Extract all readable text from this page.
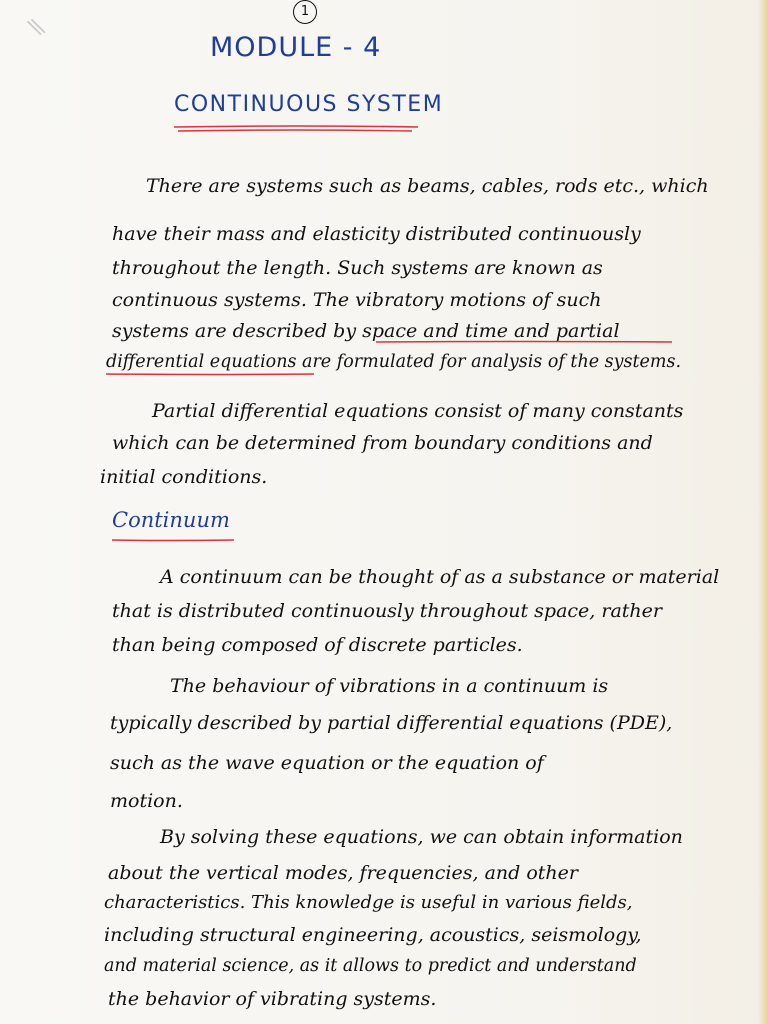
\\
1
MODULE - 4
CONTINUOUS SYSTEM
There are systems such as beams, cables, rods etc., which
have their mass and elasticity distributed continuously
throughout the length. Such systems are known as
continuous systems. The vibratory motions of such
systems are described by space and time and partial
differential equations are formulated for analysis of the systems.
Partial differential equations consist of many constants
which can be determined from boundary conditions and
initial conditions.
Continuum
A continuum can be thought of as a substance or material
that is distributed continuously throughout space, rather
than being composed of discrete particles.
The behaviour of vibrations in a continuum is
typically described by partial differential equations (PDE),
such as the wave equation or the equation of
motion.
By solving these equations, we can obtain information
about the vertical modes, frequencies, and other
characteristics. This knowledge is useful in various fields,
including structural engineering, acoustics, seismology,
and material science, as it allows to predict and understand
the behavior of vibrating systems.
